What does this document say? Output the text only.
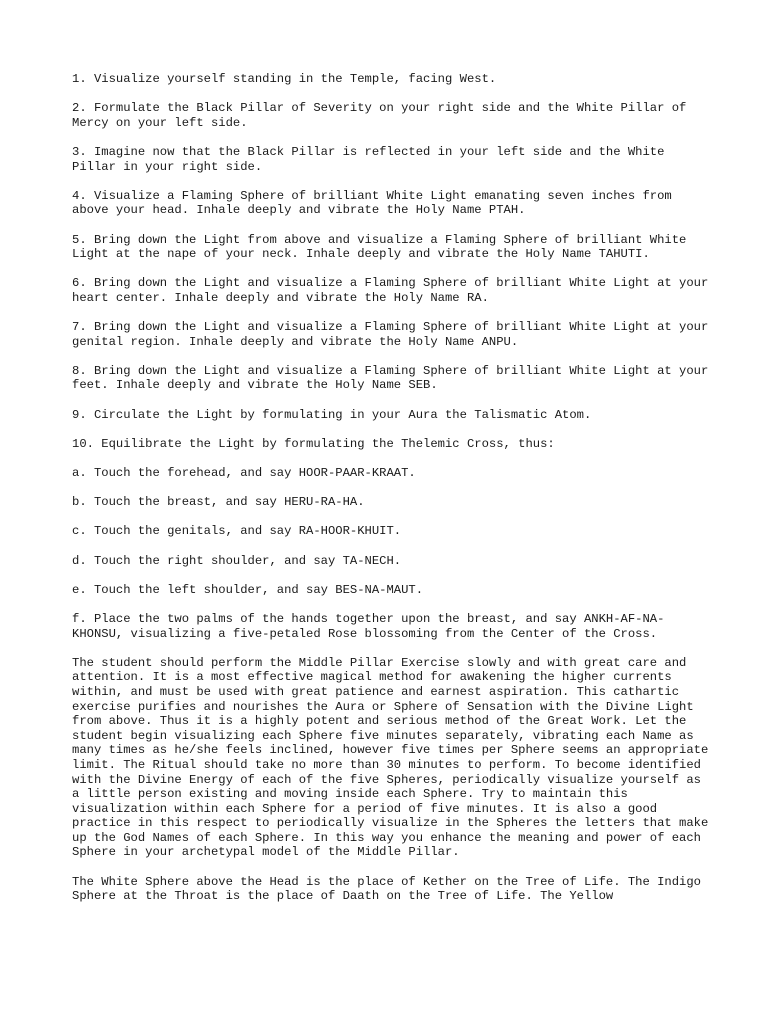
1. Visualize yourself standing in the Temple, facing West.

2. Formulate the Black Pillar of Severity on your right side and the White Pillar of Mercy on your left side.

3. Imagine now that the Black Pillar is reflected in your left side and the White Pillar in your right side.

4. Visualize a Flaming Sphere of brilliant White Light emanating seven inches from above your head. Inhale deeply and vibrate the Holy Name PTAH.

5. Bring down the Light from above and visualize a Flaming Sphere of brilliant White Light at the nape of your neck. Inhale deeply and vibrate the Holy Name TAHUTI.

6. Bring down the Light and visualize a Flaming Sphere of brilliant White Light at your heart center. Inhale deeply and vibrate the Holy Name RA.

7. Bring down the Light and visualize a Flaming Sphere of brilliant White Light at your genital region. Inhale deeply and vibrate the Holy Name ANPU.

8. Bring down the Light and visualize a Flaming Sphere of brilliant White Light at your feet. Inhale deeply and vibrate the Holy Name SEB.

9. Circulate the Light by formulating in your Aura the Talismatic Atom.

10. Equilibrate the Light by formulating the Thelemic Cross, thus:

a. Touch the forehead, and say HOOR-PAAR-KRAAT.

b. Touch the breast, and say HERU-RA-HA.

c. Touch the genitals, and say RA-HOOR-KHUIT.

d. Touch the right shoulder, and say TA-NECH.

e. Touch the left shoulder, and say BES-NA-MAUT.

f. Place the two palms of the hands together upon the breast, and say ANKH-AF-NA-KHONSU, visualizing a five-petaled Rose blossoming from the Center of the Cross.

The student should perform the Middle Pillar Exercise slowly and with great care and attention. It is a most effective magical method for awakening the higher currents within, and must be used with great patience and earnest aspiration. This cathartic exercise purifies and nourishes the Aura or Sphere of Sensation with the Divine Light from above. Thus it is a highly potent and serious method of the Great Work. Let the student begin visualizing each Sphere five minutes separately, vibrating each Name as many times as he/she feels inclined, however five times per Sphere seems an appropriate limit. The Ritual should take no more than 30 minutes to perform. To become identified with the Divine Energy of each of the five Spheres, periodically visualize yourself as a little person existing and moving inside each Sphere. Try to maintain this visualization within each Sphere for a period of five minutes. It is also a good practice in this respect to periodically visualize in the Spheres the letters that make up the God Names of each Sphere. In this way you enhance the meaning and power of each Sphere in your archetypal model of the Middle Pillar.

The White Sphere above the Head is the place of Kether on the Tree of Life. The Indigo Sphere at the Throat is the place of Daath on the Tree of Life. The Yellow
